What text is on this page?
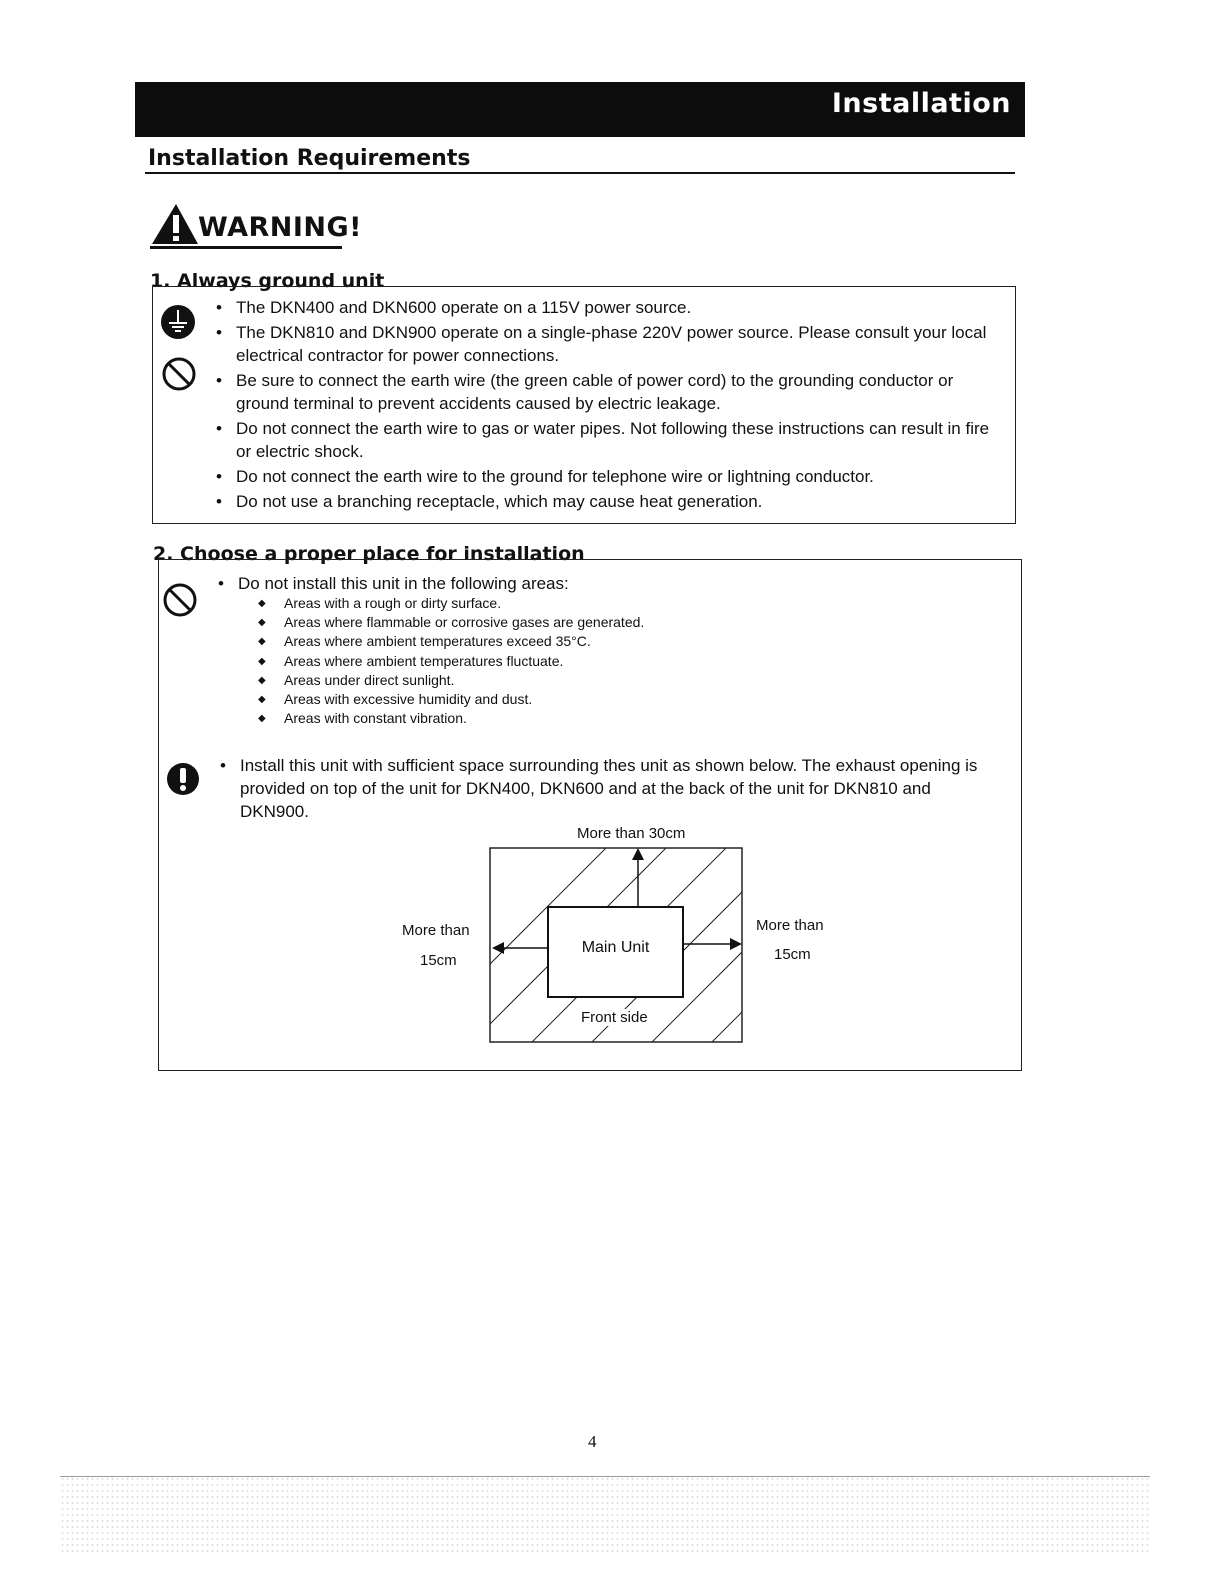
Installation
Installation Requirements
WARNING!
1. Always ground unit
• The DKN400 and DKN600 operate on a 115V power source.
• The DKN810 and DKN900 operate on a single-phase 220V power source. Please consult your local electrical contractor for power connections.
• Be sure to connect the earth wire (the green cable of power cord) to the grounding conductor or ground terminal to prevent accidents caused by electric leakage.
• Do not connect the earth wire to gas or water pipes. Not following these instructions can result in fire or electric shock.
• Do not connect the earth wire to the ground for telephone wire or lightning conductor.
• Do not use a branching receptacle, which may cause heat generation.
2. Choose a proper place for installation
• Do not install this unit in the following areas:
◆ Areas with a rough or dirty surface.
◆ Areas where flammable or corrosive gases are generated.
◆ Areas where ambient temperatures exceed 35°C.
◆ Areas where ambient temperatures fluctuate.
◆ Areas under direct sunlight.
◆ Areas with excessive humidity and dust.
◆ Areas with constant vibration.
• Install this unit with sufficient space surrounding thes unit as shown below. The exhaust opening is provided on top of the unit for DKN400, DKN600 and at the back of the unit for DKN810 and DKN900.
More than 30cm
More than
15cm
More than
15cm
Main Unit
Front side
4
